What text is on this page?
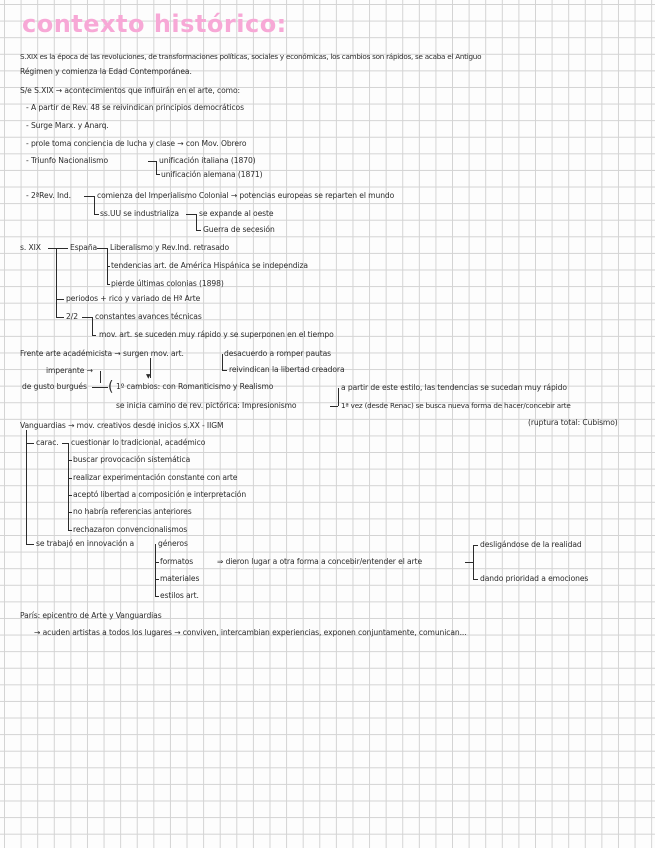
contexto histórico:
S.XIX es la época de las revoluciones, de transformaciones políticas, sociales y económicas, los cambios son rápidos, se acaba el Antiguo
Régimen y comienza la Edad Contemporánea.
S/e S.XIX → acontecimientos que influirán en el arte, como:
- A partir de Rev. 48 se reivindican principios democráticos
- Surge Marx. y Anarq.
- prole toma conciencia de lucha y clase → con Mov. Obrero
- Triunfo Nacionalismo	unificación italiana (1870)
unificación alemana (1871)
- 2ªRev. Ind.	comienza del Imperialismo Colonial → potencias europeas se reparten el mundo
ss.UU se industrializa	se expande al oeste
Guerra de secesión
s. XIX	España Liberalismo y Rev.Ind. retrasado
tendencias art. de América Hispánica se independiza
pierde últimas colonias (1898)
periodos + rico y variado de Hª Arte
2/2 constantes avances técnicas
mov. art. se suceden muy rápido y se superponen en el tiempo
Frente arte académicista → surgen mov. art.	desacuerdo a romper pautas
reivindican la libertad creadora
imperante →
▼
de gusto burgués ( 1º cambios: con Romanticismo y Realismo
se inicia camino de rev. pictórica: Impresionismo
a partir de este estilo, las tendencias se sucedan muy rápido
1ª vez (desde Renac) se busca nueva forma de hacer/concebir arte
(ruptura total: Cubismo)
Vanguardias → mov. creativos desde inicios s.XX - IIGM
carac. cuestionar lo tradicional, académico
buscar provocación sistemática
realizar experimentación constante con arte
aceptó libertad a composición e interpretación
no habría referencias anteriores
rechazaron convencionalismos
se trabajó en innovación a	géneros
formatos
materiales
estilos art.
⇒ dieron lugar a otra forma a concebir/entender el arte
desligándose de la realidad
dando prioridad a emociones
París: epicentro de Arte y Vanguardias
→ acuden artistas a todos los lugares → conviven, intercambian experiencias, exponen conjuntamente, comunican...
